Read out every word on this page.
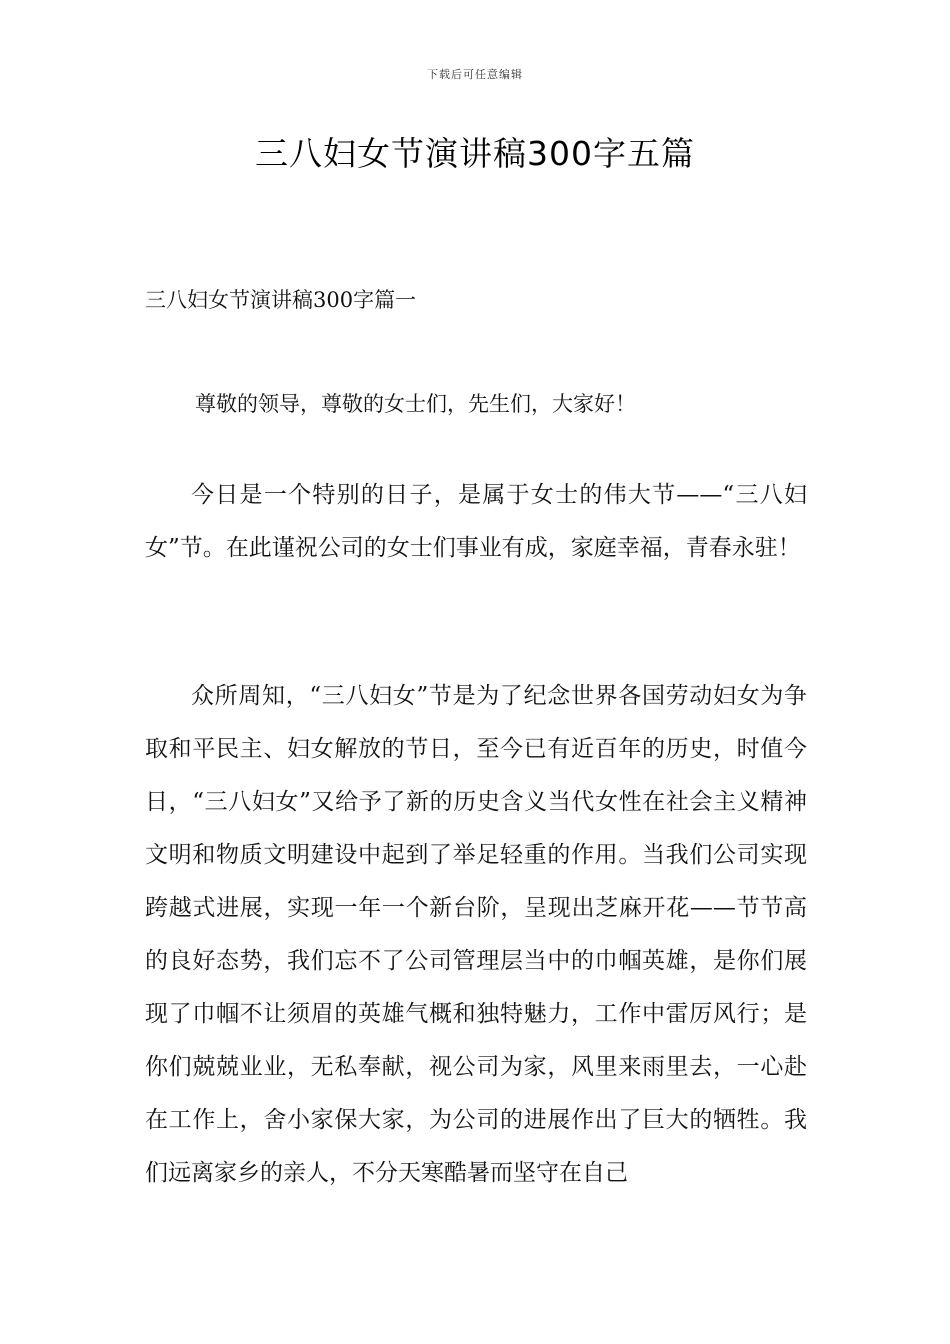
下载后可任意编辑
三八妇女节演讲稿300字五篇
三八妇女节演讲稿300字篇一

尊敬的领导，尊敬的女士们，先生们，大家好！

今日是一个特别的日子，是属于女士的伟大节——“三八妇女”节。在此谨祝公司的女士们事业有成，家庭幸福，青春永驻！

众所周知，“三八妇女”节是为了纪念世界各国劳动妇女为争取和平民主、妇女解放的节日，至今已有近百年的历史，时值今日，“三八妇女”又给予了新的历史含义当代女性在社会主义精神文明和物质文明建设中起到了举足轻重的作用。当我们公司实现跨越式进展，实现一年一个新台阶，呈现出芝麻开花——节节高的良好态势，我们忘不了公司管理层当中的巾帼英雄，是你们展现了巾帼不让须眉的英雄气概和独特魅力，工作中雷厉风行；是你们兢兢业业，无私奉献，视公司为家，风里来雨里去，一心赴在工作上，舍小家保大家，为公司的进展作出了巨大的牺牲。我们远离家乡的亲人，不分天寒酷暑而坚守在自己
